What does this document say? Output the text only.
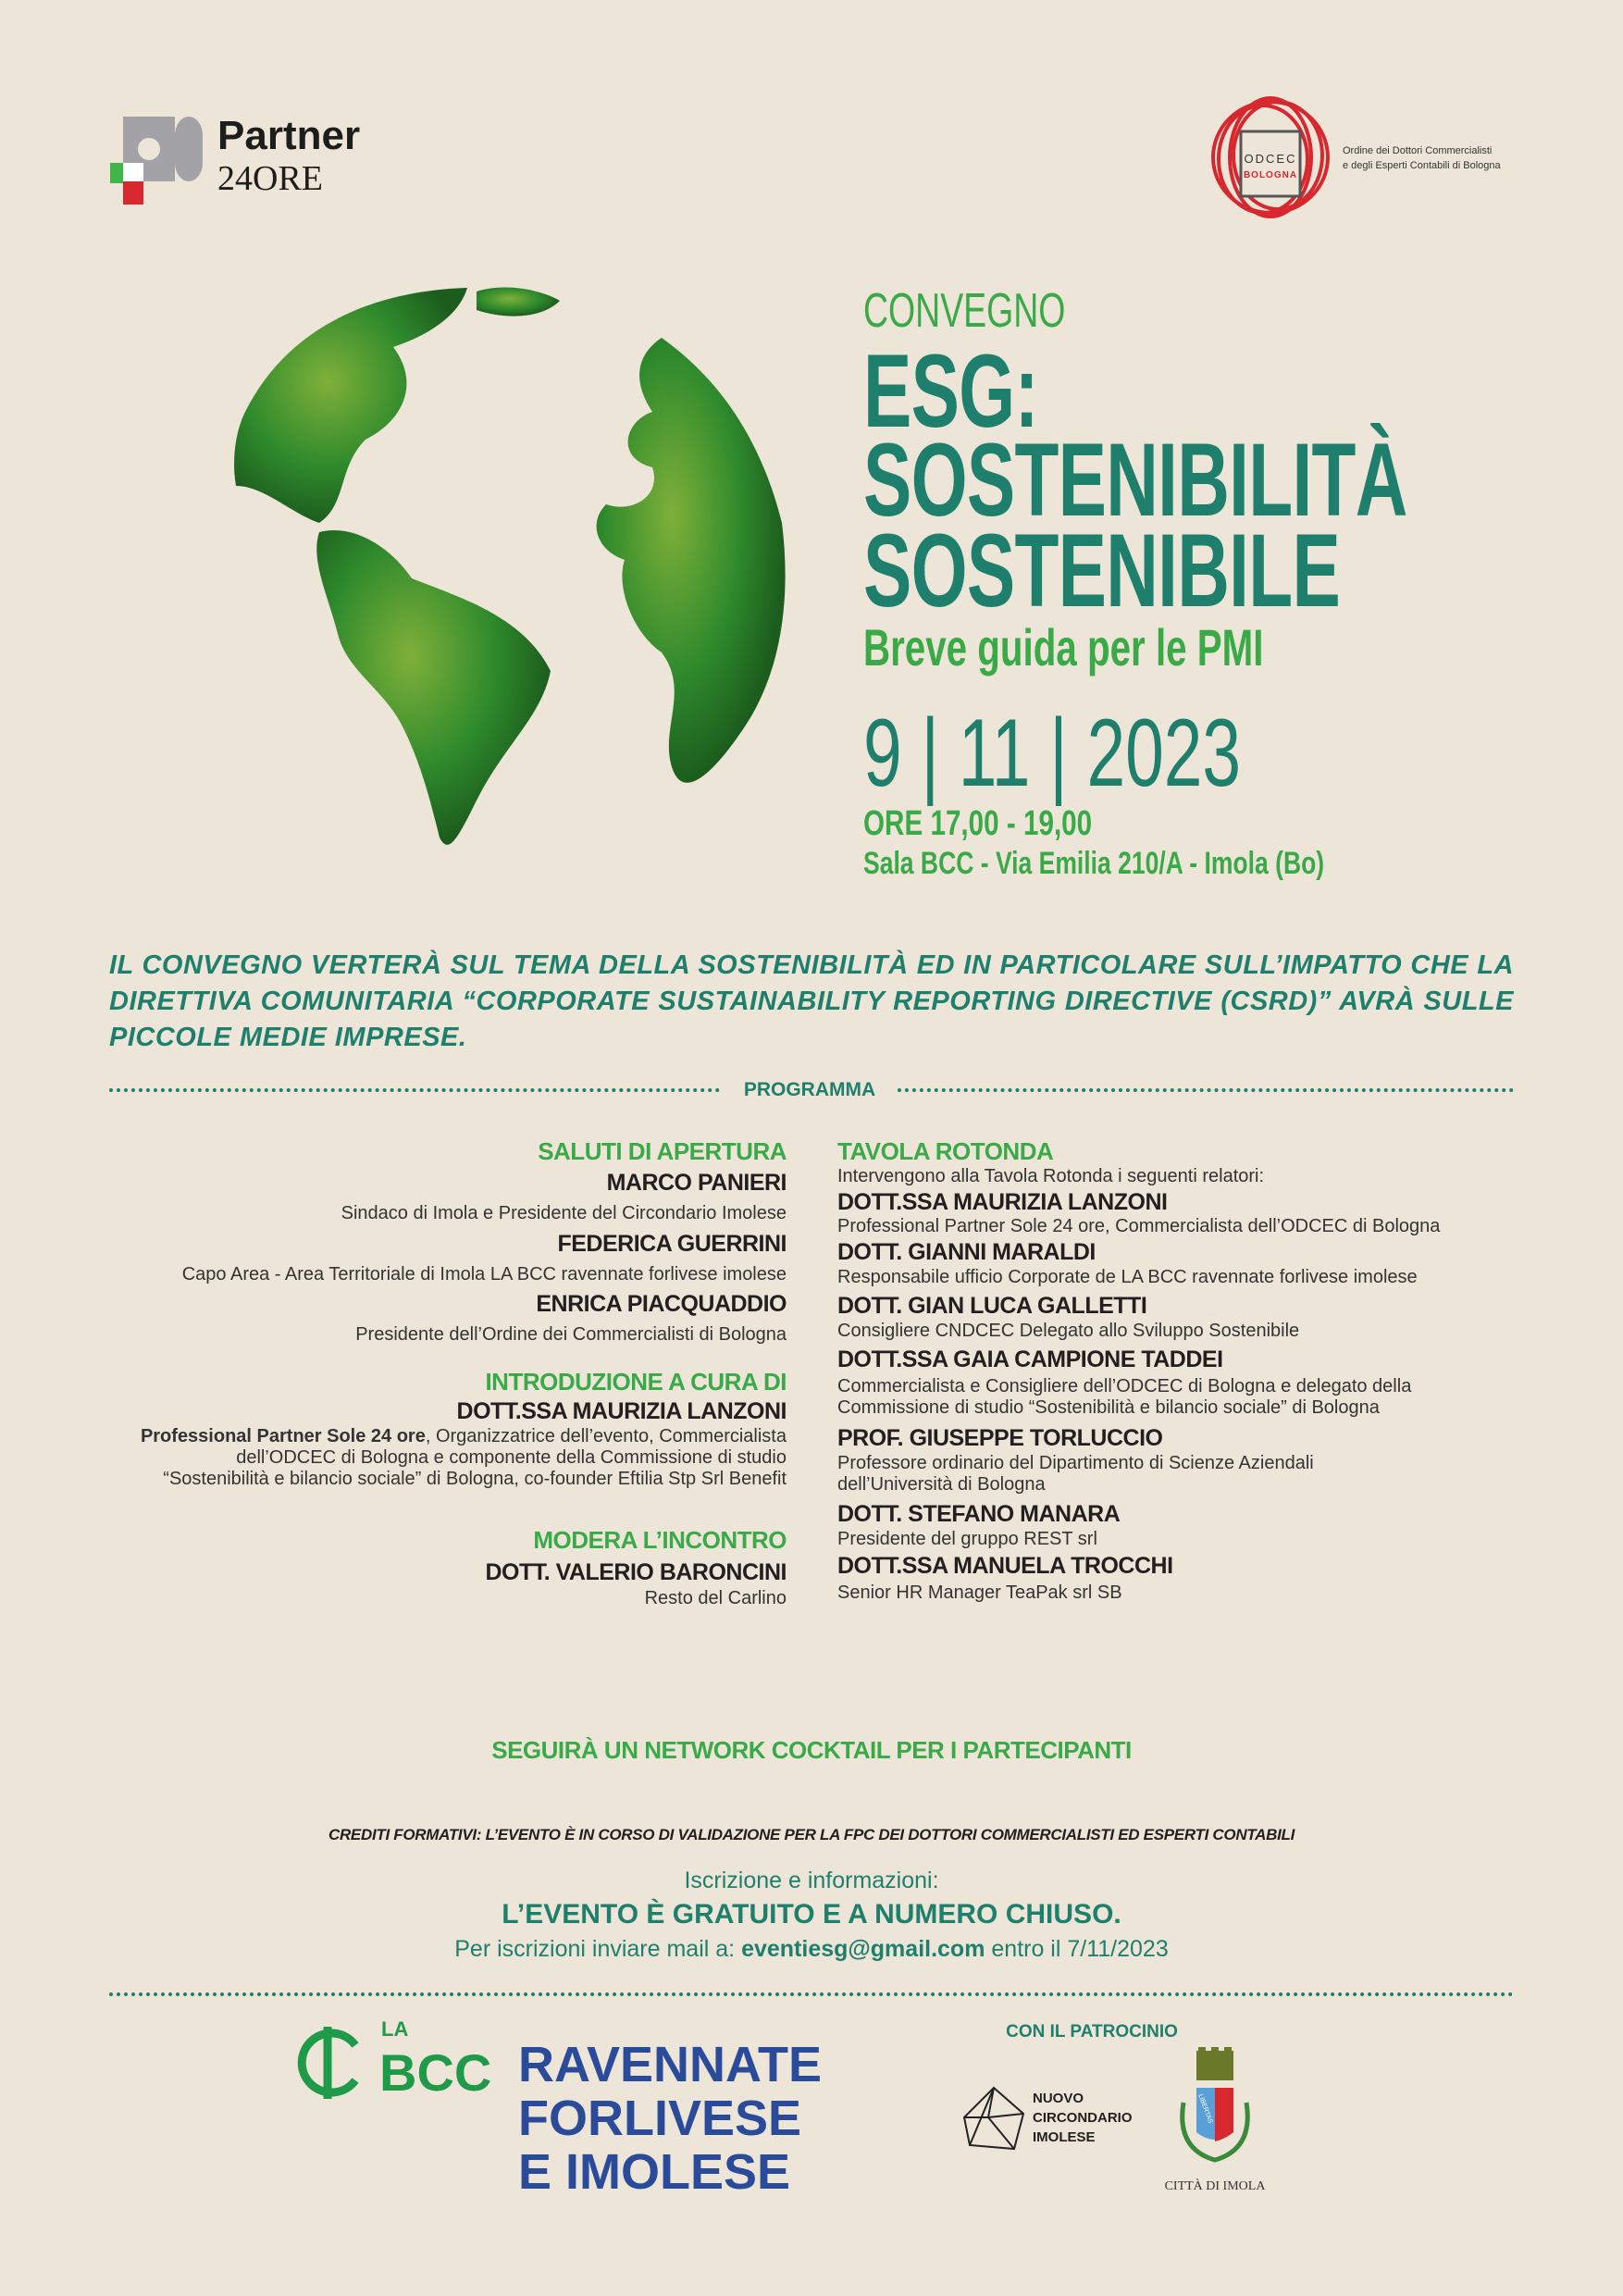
Partner
24ORE
ODCEC
BOLOGNA
Ordine dei Dottori Commercialisti
e degli Esperti Contabili di Bologna
CONVEGNO
ESG:
SOSTENIBILITÀ
SOSTENIBILE
Breve guida per le PMI
9 | 11 | 2023
ORE 17,00 - 19,00
Sala BCC - Via Emilia 210/A - Imola (Bo)
IL CONVEGNO VERTERÀ SUL TEMA DELLA SOSTENIBILITÀ ED IN PARTICOLARE SULL’IMPATTO CHE LA DIRETTIVA COMUNITARIA “CORPORATE SUSTAINABILITY REPORTING DIRECTIVE (CSRD)” AVRÀ SULLE PICCOLE MEDIE IMPRESE.
PROGRAMMA
SALUTI DI APERTURA
MARCO PANIERI
Sindaco di Imola e Presidente del Circondario Imolese
FEDERICA GUERRINI
Capo Area - Area Territoriale di Imola LA BCC ravennate forlivese imolese
ENRICA PIACQUADDIO
Presidente dell’Ordine dei Commercialisti di Bologna
INTRODUZIONE A CURA DI
DOTT.SSA MAURIZIA LANZONI
Professional Partner Sole 24 ore, Organizzatrice dell’evento, Commercialista
dell’ODCEC di Bologna e componente della Commissione di studio
“Sostenibilità e bilancio sociale” di Bologna, co-founder Eftilia Stp Srl Benefit
MODERA L’INCONTRO
DOTT. VALERIO BARONCINI
Resto del Carlino
TAVOLA ROTONDA
Intervengono alla Tavola Rotonda i seguenti relatori:
DOTT.SSA MAURIZIA LANZONI
Professional Partner Sole 24 ore, Commercialista dell’ODCEC di Bologna
DOTT. GIANNI MARALDI
Responsabile ufficio Corporate de LA BCC ravennate forlivese imolese
DOTT. GIAN LUCA GALLETTI
Consigliere CNDCEC Delegato allo Sviluppo Sostenibile
DOTT.SSA GAIA CAMPIONE TADDEI
Commercialista e Consigliere dell’ODCEC di Bologna e delegato della
Commissione di studio “Sostenibilità e bilancio sociale” di Bologna
PROF. GIUSEPPE TORLUCCIO
Professore ordinario del Dipartimento di Scienze Aziendali
dell’Università di Bologna
DOTT. STEFANO MANARA
Presidente del gruppo REST srl
DOTT.SSA MANUELA TROCCHI
Senior HR Manager TeaPak srl SB
SEGUIRÀ UN NETWORK COCKTAIL PER I PARTECIPANTI
CREDITI FORMATIVI: L’EVENTO È IN CORSO DI VALIDAZIONE PER LA FPC DEI DOTTORI COMMERCIALISTI ED ESPERTI CONTABILI
Iscrizione e informazioni:
L’EVENTO È GRATUITO E A NUMERO CHIUSO.
Per iscrizioni inviare mail a: eventiesg@gmail.com entro il 7/11/2023
LA
BCC RAVENNATE
FORLIVESE
E IMOLESE
CON IL PATROCINIO
NUOVO
CIRCONDARIO
IMOLESE
LIBERTAS
CITTÀ DI IMOLA
